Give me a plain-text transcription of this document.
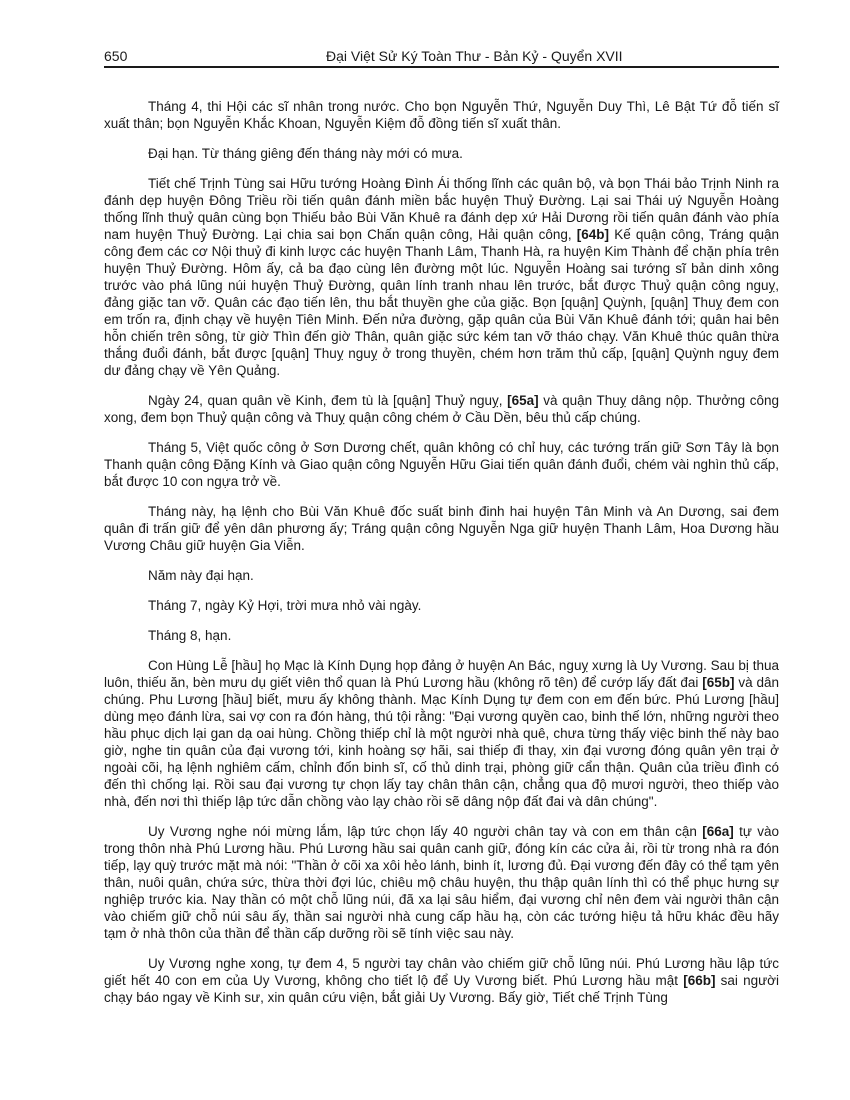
650	Đại Việt Sử Ký Toàn Thư - Bản Kỷ - Quyển XVII

Tháng 4, thi Hội các sĩ nhân trong nước. Cho bọn Nguyễn Thứ, Nguyễn Duy Thì, Lê Bật Tứ đỗ tiến sĩ xuất thân; bọn Nguyễn Khắc Khoan, Nguyễn Kiệm đỗ đồng tiến sĩ xuất thân.

Đại hạn. Từ tháng giêng đến tháng này mới có mưa.

Tiết chế Trịnh Tùng sai Hữu tướng Hoàng Đình Ái thống lĩnh các quân bộ, và bọn Thái bảo Trịnh Ninh ra đánh dẹp huyện Đông Triều rồi tiến quân đánh miền bắc huyện Thuỷ Đường. Lại sai Thái uý Nguyễn Hoàng thống lĩnh thuỷ quân cùng bọn Thiếu bảo Bùi Văn Khuê ra đánh dẹp xứ Hải Dương rồi tiến quân đánh vào phía nam huyện Thuỷ Đường. Lại chia sai bọn Chấn quận công, Hải quận công, [64b] Kế quận công, Tráng quận công đem các cơ Nội thuỷ đi kinh lược các huyện Thanh Lâm, Thanh Hà, ra huyện Kim Thành để chặn phía trên huyện Thuỷ Đường. Hôm ấy, cả ba đạo cùng lên đường một lúc. Nguyễn Hoàng sai tướng sĩ bản dinh xông trước vào phá lũng núi huyện Thuỷ Đường, quân lính tranh nhau lên trước, bắt được Thuỷ quận công nguỵ, đảng giặc tan vỡ. Quân các đạo tiến lên, thu bắt thuyền ghe của giặc. Bọn [quận] Quỳnh, [quận] Thuỵ đem con em trốn ra, định chạy về huyện Tiên Minh. Đến nửa đường, gặp quân của Bùi Văn Khuê đánh tới; quân hai bên hỗn chiến trên sông, từ giờ Thìn đến giờ Thân, quân giặc sức kém tan vỡ tháo chạy. Văn Khuê thúc quân thừa thắng đuổi đánh, bắt được [quận] Thuỵ nguỵ ở trong thuyền, chém hơn trăm thủ cấp, [quận] Quỳnh nguỵ đem dư đảng chạy về Yên Quảng.

Ngày 24, quan quân về Kinh, đem tù là [quận] Thuỷ nguỵ, [65a] và quận Thuỵ dâng nộp. Thưởng công xong, đem bọn Thuỷ quận công và Thuỵ quận công chém ở Cầu Dền, bêu thủ cấp chúng.

Tháng 5, Việt quốc công ở Sơn Dương chết, quân không có chỉ huy, các tướng trấn giữ Sơn Tây là bọn Thanh quận công Đặng Kính và Giao quận công Nguyễn Hữu Giai tiến quân đánh đuổi, chém vài nghìn thủ cấp, bắt được 10 con ngựa trở về.

Tháng này, hạ lệnh cho Bùi Văn Khuê đốc suất binh đinh hai huyện Tân Minh và An Dương, sai đem quân đi trấn giữ để yên dân phương ấy; Tráng quận công Nguyễn Nga giữ huyện Thanh Lâm, Hoa Dương hầu Vương Châu giữ huyện Gia Viễn.

Năm này đại hạn.

Tháng 7, ngày Kỷ Hợi, trời mưa nhỏ vài ngày.

Tháng 8, hạn.

Con Hùng Lễ [hầu] họ Mạc là Kính Dụng họp đảng ở huyện An Bác, nguỵ xưng là Uy Vương. Sau bị thua luôn, thiếu ăn, bèn mưu dụ giết viên thổ quan là Phú Lương hầu (không rõ tên) để cướp lấy đất đai [65b] và dân chúng. Phu Lương [hầu] biết, mưu ấy không thành. Mạc Kính Dụng tự đem con em đến bức. Phú Lương [hầu] dùng mẹo đánh lừa, sai vợ con ra đón hàng, thú tội rằng: "Đại vương quyền cao, binh thế lớn, những người theo hầu phục dịch lại gan dạ oai hùng. Chồng thiếp chỉ là một người nhà quê, chưa từng thấy việc binh thế này bao giờ, nghe tin quân của đại vương tới, kinh hoàng sợ hãi, sai thiếp đi thay, xin đại vương đóng quân yên trại ở ngoài cõi, hạ lệnh nghiêm cấm, chỉnh đốn binh sĩ, cố thủ dinh trại, phòng giữ cẩn thận. Quân của triều đình có đến thì chống lại. Rồi sau đại vương tự chọn lấy tay chân thân cận, chẳng qua độ mươi người, theo thiếp vào nhà, đến nơi thì thiếp lập tức dẫn chồng vào lạy chào rồi sẽ dâng nộp đất đai và dân chúng".

Uy Vương nghe nói mừng lắm, lập tức chọn lấy 40 người chân tay và con em thân cận [66a] tự vào trong thôn nhà Phú Lương hầu. Phú Lương hầu sai quân canh giữ, đóng kín các cửa ải, rồi từ trong nhà ra đón tiếp, lạy quỳ trước mặt mà nói: "Thần ở cõi xa xôi hẻo lánh, binh ít, lương đủ. Đại vương đến đây có thể tạm yên thân, nuôi quân, chứa sức, thừa thời đợi lúc, chiêu mộ châu huyện, thu thập quân lính thì có thể phục hưng sự nghiệp trước kia. Nay thần có một chỗ lũng núi, đã xa lại sâu hiểm, đại vương chỉ nên đem vài người thân cận vào chiếm giữ chỗ núi sâu ấy, thần sai người nhà cung cấp hầu hạ, còn các tướng hiệu tả hữu khác đều hãy tạm ở nhà thôn của thần để thần cấp dưỡng rồi sẽ tính việc sau này.

Uy Vương nghe xong, tự đem 4, 5 người tay chân vào chiếm giữ chỗ lũng núi. Phú Lương hầu lập tức giết hết 40 con em của Uy Vương, không cho tiết lộ để Uy Vương biết. Phú Lương hầu mật [66b] sai người chạy báo ngay về Kinh sư, xin quân cứu viện, bắt giải Uy Vương. Bấy giờ, Tiết chế Trịnh Tùng
